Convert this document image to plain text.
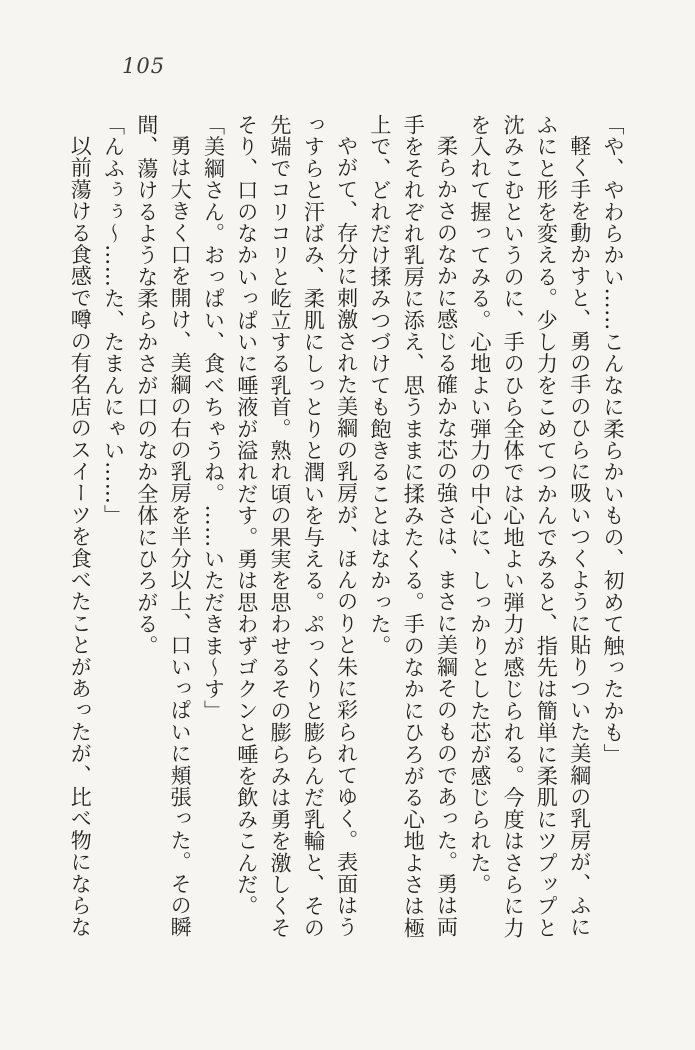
105

「や、やわらかい……こんなに柔らかいもの、初めて触ったかも」

軽く手を動かすと、勇の手のひらに吸いつくように貼りついた美綱の乳房が、ふにふにと形を変える。少し力をこめてつかんでみると、指先は簡単に柔肌にツプップと沈みこむというのに、手のひら全体では心地よい弾力が感じられる。今度はさらに力を入れて握ってみる。心地よい弾力の中心に、しっかりとした芯が感じられた。

柔らかさのなかに感じる確かな芯の強さは、まさに美綱そのものであった。勇は両手をそれぞれ乳房に添え、思うままに揉みたくる。手のなかにひろがる心地よさは極上で、どれだけ揉みつづけても飽きることはなかった。

やがて、存分に刺激された美綱の乳房が、ほんのりと朱に彩られてゆく。表面はうっすらと汗ばみ、柔肌にしっとりと潤いを与える。ぷっくりと膨らんだ乳輪と、その先端でコリコリと屹立する乳首。熟れ頃の果実を思わせるその膨らみは勇を激しくそそり、口のなかいっぱいに唾液が溢れだす。勇は思わずゴクンと唾を飲みこんだ。

「美綱さん。おっぱい、食べちゃうね。……いただきま～す」

勇は大きく口を開け、美綱の右の乳房を半分以上、口いっぱいに頬張った。その瞬間、蕩けるような柔らかさが口のなか全体にひろがる。

「んふぅぅ～……た、たまんにゃい……」

以前蕩ける食感で噂の有名店のスイーツを食べたことがあったが、比べ物にならな
